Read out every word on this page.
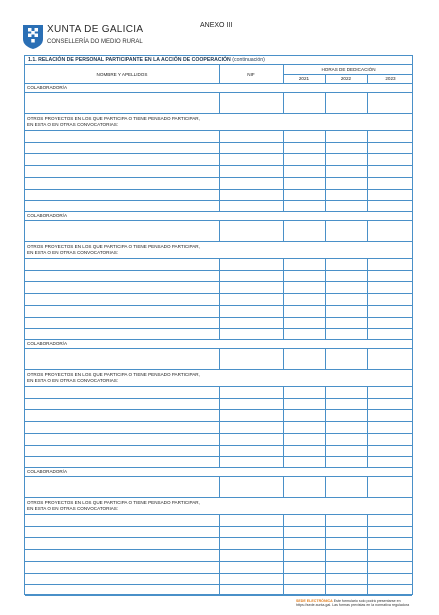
XUNTA DE GALICIA
CONSELLERÍA DO MEDIO RURAL
ANEXO III
1.1. RELACIÓN DE PERSONAL PARTICIPANTE EN LA ACCIÓN DE COOPERACIÓN (continuación)
NOMBRE Y APELLIDOS	NIF
HORAS DE DEDICACIÓN
2021	2022	2023
COLABORADOR/A
OTROS PROYECTOS EN LOS QUE PARTICIPA O TIENE PENSADO PARTICIPAR,
EN ESTA O EN OTRAS CONVOCATORIAS:
COLABORADOR/A
OTROS PROYECTOS EN LOS QUE PARTICIPA O TIENE PENSADO PARTICIPAR,
EN ESTA O EN OTRAS CONVOCATORIAS:
COLABORADOR/A
OTROS PROYECTOS EN LOS QUE PARTICIPA O TIENE PENSADO PARTICIPAR,
EN ESTA O EN OTRAS CONVOCATORIAS:
COLABORADOR/A
OTROS PROYECTOS EN LOS QUE PARTICIPA O TIENE PENSADO PARTICIPAR,
EN ESTA O EN OTRAS CONVOCATORIAS:
SEDE ELECTRÓNICA Este formulario solo podrá presentarse en https://sede.xunta.gal. Las formas previstas en la normativa reguladora
